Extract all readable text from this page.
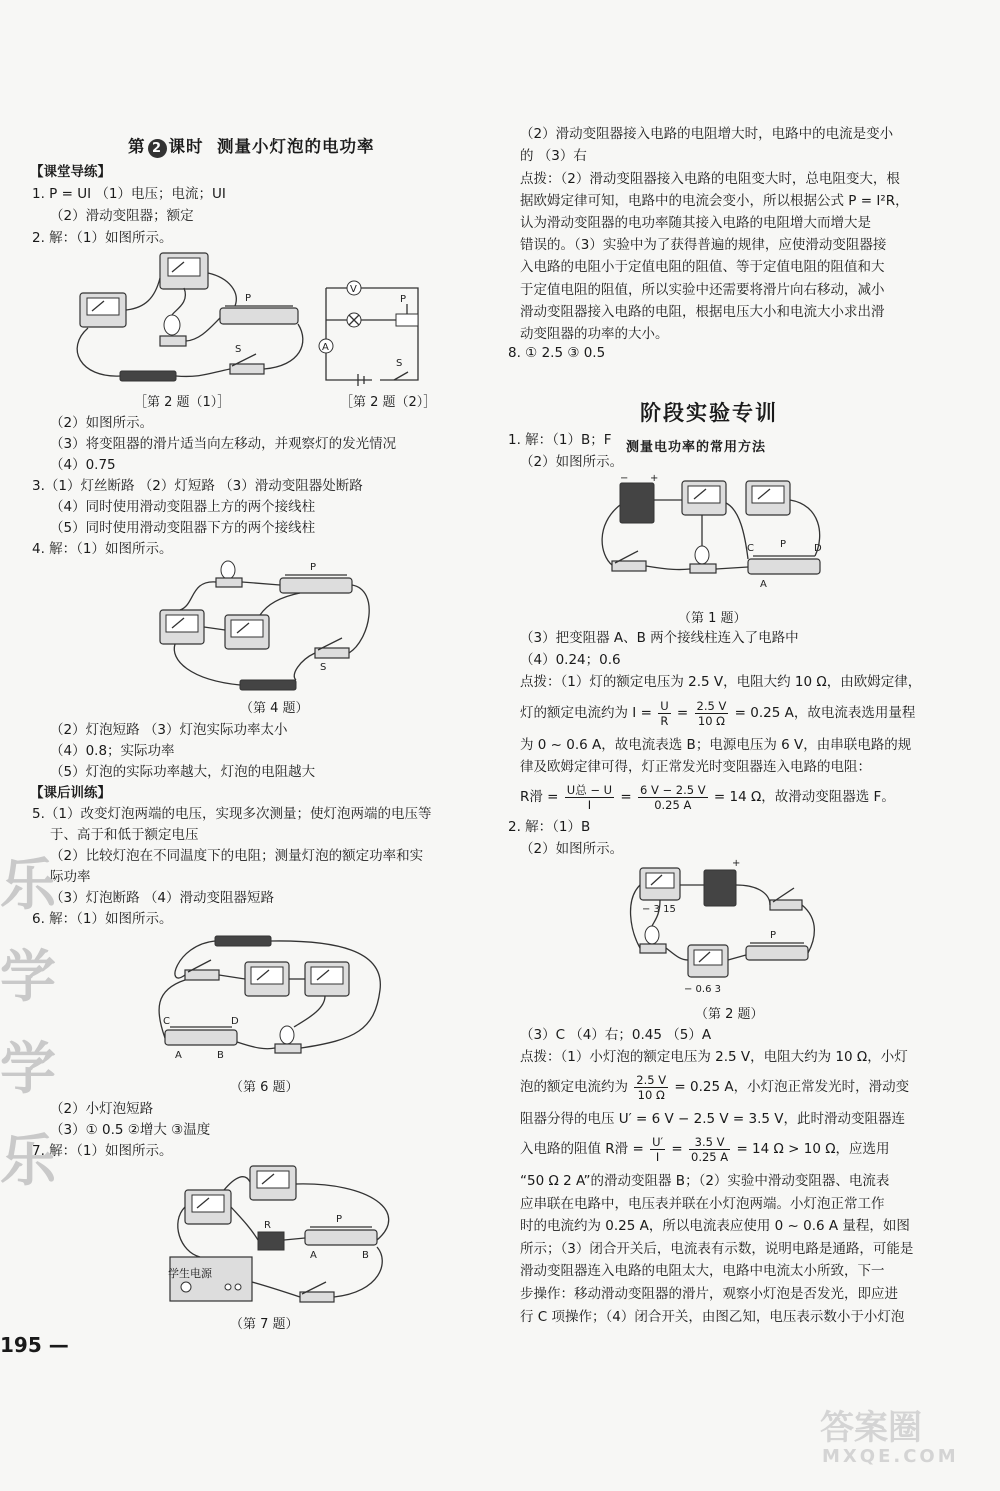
第 2 课时 测量小灯泡的电功率
【课堂导练】
1. P = UI （1）电压；电流；UI
（2）滑动变阻器；额定
2. 解：（1）如图所示。
P
S
V
P
A
S
［第 2 题（1）］	［第 2 题（2）］
（2）如图所示。
（3）将变阻器的滑片适当向左移动，并观察灯的发光情况
（4）0.75
3.（1）灯丝断路 （2）灯短路 （3）滑动变阻器处断路
（4）同时使用滑动变阻器上方的两个接线柱
（5）同时使用滑动变阻器下方的两个接线柱
4. 解：（1）如图所示。
P
S
（第 4 题）
（2）灯泡短路 （3）灯泡实际功率太小
（4）0.8；实际功率
（5）灯泡的实际功率越大，灯泡的电阻越大
【课后训练】
5.（1）改变灯泡两端的电压，实现多次测量；使灯泡两端的电压等
于、高于和低于额定电压
（2）比较灯泡在不同温度下的电阻；测量灯泡的额定功率和实
际功率
（3）灯泡断路 （4）滑动变阻器短路
6. 解：（1）如图所示。
C	D
A	B
（第 6 题）
（2）小灯泡短路
（3）① 0.5 ②增大 ③温度
7. 解：（1）如图所示。
R
P
A	B
学生电源
（第 7 题）
乐 学 学 乐
（2）滑动变阻器接入电路的电阻增大时，电路中的电流是变小
的 （3）右
点拨：（2）滑动变阻器接入电路的电阻变大时，总电阻变大，根
据欧姆定律可知，电路中的电流会变小，所以根据公式 P = I²R，
认为滑动变阻器的电功率随其接入电路的电阻增大而增大是
错误的。（3）实验中为了获得普遍的规律，应使滑动变阻器接
入电路的电阻小于定值电阻的阻值、等于定值电阻的阻值和大
于定值电阻的阻值，所以实验中还需要将滑片向右移动，减小
滑动变阻器接入电路的电阻，根据电压大小和电流大小求出滑
动变阻器的功率的大小。
8. ① 2.5 ③ 0.5
阶段实验专训
测量电功率的常用方法
1. 解：（1）B；F
（2）如图所示。
− +
C	P	D
A
（第 1 题）
（3）把变阻器 A、B 两个接线柱连入了电路中
（4）0.24；0.6
点拨：（1）灯的额定电压为 2.5 V，电阻大约 10 Ω，由欧姆定律，
灯的额定电流约为 $I = \frac{U}{R} = \frac{2.5 V}{10 \Omega} = 0.25$ A，故电流表选用量程
为 0 ~ 0.6 A，故电流表选 B；电源电压为 6 V，由串联电路的规
律及欧姆定律可得，灯正常发光时变阻器连入电路的电阻：
R滑 = $\frac{\text{U总 − U}}{I} = \frac{6 V - 2.5 V}{0.25 A} = 14$ Ω，故滑动变阻器选 F。
2. 解：（1）B
（2）如图所示。
− 3 15
+
− 0.6 3
P
（第 2 题）
（3）C （4）右；0.45 （5）A
点拨：（1）小灯泡的额定电压为 2.5 V，电阻大约为 10 Ω，小灯
泡的额定电流约为 $\frac{2.5 V}{10 \Omega} = 0.25$ A，小灯泡正常发光时，滑动变
阻器分得的电压 U′ = 6 V − 2.5 V = 3.5 V，此时滑动变阻器连
入电路的阻值 R滑 = $\frac{U'}{I} = \frac{3.5 V}{0.25 A} = 14$ Ω > 10 Ω，应选用
“50 Ω 2 A”的滑动变阻器 B；（2）实验中滑动变阻器、电流表
应串联在电路中，电压表并联在小灯泡两端。小灯泡正常工作
时的电流约为 0.25 A，所以电流表应使用 0 ~ 0.6 A 量程，如图
所示；（3）闭合开关后，电流表有示数，说明电路是通路，可能是
滑动变阻器连入电路的电阻太大，电路中电流太小所致，下一
步操作：移动滑动变阻器的滑片，观察小灯泡是否发光，即应进
行 C 项操作；（4）闭合开关，由图乙知，电压表示数小于小灯泡
195 —
答案圈
MXQE.COM
